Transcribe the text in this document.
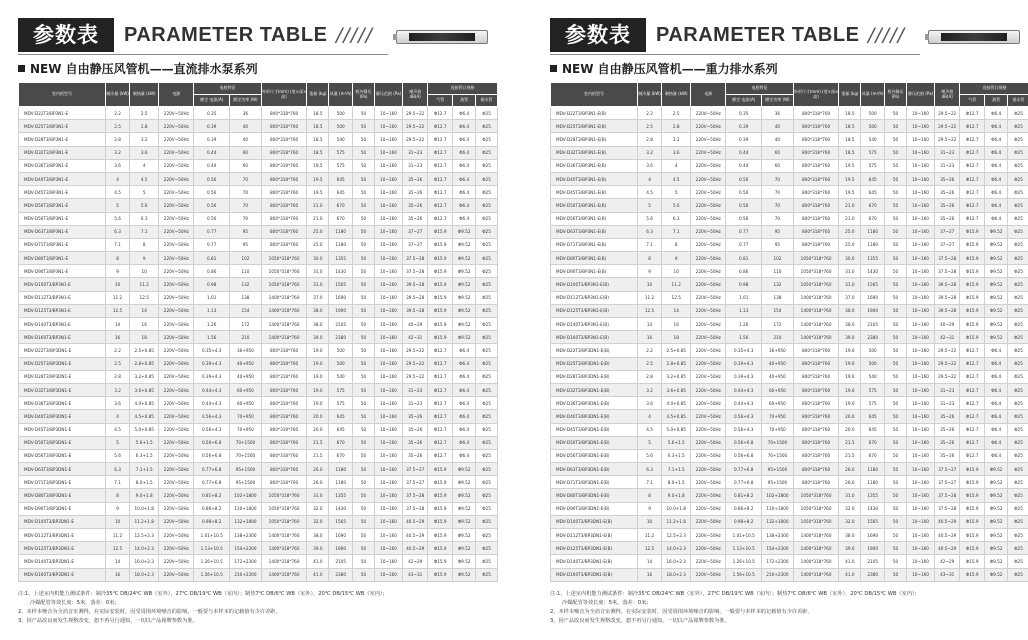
参数表	PARAMETER TABLE /////
NEW 自由静压风管机——直流排水泵系列
室内机型号	制冷量 (kW)	制热量 (kW)	电源	电机特征		外形尺寸(mm) (宽×深×高)	重量 (kg)	风量 (m³/h)	机外静压 (Pa)	静压范围 (Pa)	噪声值 dB(A)	连接管口规格		
				额定 电流(A)	额定功率 (W)							气管	液管	排水管
MDV-D22T3/BP3N1-E	2.2	2.5	220V~50Hz	0.35	36	800*318*760	18.5	500	50	10~160	29.5~22	Φ12.7	Φ6.4	Φ25
MDV-D25T3/BP3N1-E	2.5	2.8	220V~50Hz	0.39	40	800*318*760	18.5	500	50	10~160	29.5~22	Φ12.7	Φ6.4	Φ25
MDV-D28T3/BP3N1-E	2.8	3.2	220V~50Hz	0.39	40	800*318*760	18.5	540	50	10~160	29.5~22	Φ12.7	Φ6.4	Φ25
MDV-D32T3/BP3N1-E	3.2	3.6	220V~50Hz	0.44	60	800*318*760	18.5	575	50	10~160	31~23	Φ12.7	Φ6.4	Φ25
MDV-D36T3/BP3N1-E	3.6	4	220V~50Hz	0.44	60	800*318*760	19.5	575	50	10~160	31~23	Φ12.7	Φ6.4	Φ25
MDV-D40T3/BP3N1-E	4	4.5	220V~50Hz	0.56	70	800*318*760	19.5	645	50	10~160	35~26	Φ12.7	Φ6.4	Φ25
MDV-D45T3/BP3N1-E	4.5	5	220V~50Hz	0.56	70	800*318*760	19.5	645	50	10~160	35~26	Φ12.7	Φ6.4	Φ25
MDV-D50T3/BP3N1-E	5	5.6	220V~50Hz	0.56	70	800*318*760	21.0	670	50	10~160	35~26	Φ12.7	Φ6.4	Φ25
MDV-D56T3/BP3N1-E	5.6	6.3	220V~50Hz	0.56	70	800*318*760	21.0	670	50	10~160	35~26	Φ12.7	Φ6.4	Φ25
MDV-D63T3/BP3N1-E	6.3	7.1	220V~50Hz	0.77	95	800*318*760	25.0	1180	50	10~160	37~27	Φ15.9	Φ9.52	Φ25
MDV-D71T3/BP3N1-E	7.1	8	220V~50Hz	0.77	95	800*318*760	25.0	1180	50	10~160	37~27	Φ15.9	Φ9.52	Φ25
MDV-D80T3/BP3N1-E	8	9	220V~50Hz	0.81	102	1050*318*760	30.0	1355	50	10~160	37.5~28	Φ15.9	Φ9.52	Φ25
MDV-D90T3/BP3N1-E	9	10	220V~50Hz	0.86	110	1050*318*760	31.0	1430	50	10~160	37.5~28	Φ15.9	Φ9.52	Φ25
MDV-D100T3/BP3N1-E	10	11.2	220V~50Hz	0.98	132	1050*318*760	31.0	1565	50	10~160	39.5~28	Φ15.9	Φ9.52	Φ25
MDV-D112T3/BP3N1-E	11.2	12.5	220V~50Hz	1.01	138	1400*318*760	37.0	1690	50	10~160	39.5~28	Φ15.9	Φ9.52	Φ25
MDV-D125T3/BP3N1-E	12.5	14	220V~50Hz	1.13	154	1400*318*760	38.0	1900	50	10~160	39.5~28	Φ15.9	Φ9.52	Φ25
MDV-D140T3/BP3N1-E	14	16	220V~50Hz	1.26	172	1400*318*760	38.0	2105	50	10~160	40~29	Φ15.9	Φ9.52	Φ25
MDV-D160T3/BP3N1-E	16	18	220V~50Hz	1.56	210	1400*318*760	39.0	2380	50	10~160	42~31	Φ15.9	Φ9.52	Φ25
MDV-D22T3/BP3DN1-E	2.2	2.5+0.85	220V~50Hz	0.35+4.3	36+950	800*318*760	19.0	500	50	10~160	29.5~22	Φ12.7	Φ6.4	Φ25
MDV-D25T3/BP3DN1-E	2.5	2.8+0.85	220V~50Hz	0.39+4.3	40+950	800*318*760	19.0	500	50	10~160	29.5~22	Φ12.7	Φ6.4	Φ25
MDV-D28T3/BP3DN1-E	2.8	3.2+0.85	220V~50Hz	0.39+4.3	40+950	800*318*760	19.0	540	50	10~160	29.5~22	Φ12.7	Φ6.4	Φ25
MDV-D32T3/BP3DN1-E	3.2	3.6+0.85	220V~50Hz	0.44+4.3	60+950	800*318*760	19.0	575	50	10~160	31~23	Φ12.7	Φ6.4	Φ25
MDV-D36T3/BP3DN1-E	3.6	4.0+0.85	220V~50Hz	0.44+4.3	60+950	800*318*760	19.0	575	50	10~160	31~23	Φ12.7	Φ6.4	Φ25
MDV-D40T3/BP3DN1-E	4	4.5+0.85	220V~50Hz	0.56+4.3	70+950	800*318*760	20.0	645	50	10~160	35~26	Φ12.7	Φ6.4	Φ25
MDV-D45T3/BP3DN1-E	4.5	5.0+0.85	220V~50Hz	0.56+4.3	70+950	800*318*760	20.0	645	50	10~160	35~26	Φ12.7	Φ6.4	Φ25
MDV-D50T3/BP3DN1-E	5	5.6+1.5	220V~50Hz	0.56+6.8	70+1500	800*318*760	21.5	670	50	10~160	35~26	Φ12.7	Φ6.4	Φ25
MDV-D56T3/BP3DN1-E	5.6	6.3+1.5	220V~50Hz	0.56+6.8	70+1500	800*318*760	21.5	670	50	10~160	35~26	Φ12.7	Φ6.4	Φ25
MDV-D63T3/BP3DN1-E	6.3	7.1+1.5	220V~50Hz	0.77+6.8	95+1500	800*318*760	26.0	1180	50	10~160	37.5~27	Φ15.9	Φ9.52	Φ25
MDV-D71T3/BP3DN1-E	7.1	8.0+1.5	220V~50Hz	0.77+6.8	95+1500	800*318*760	26.0	1180	50	10~160	37.5~27	Φ15.9	Φ9.52	Φ25
MDV-D80T3/BP3DN1-E	8	9.0+1.8	220V~50Hz	0.81+8.2	102+1800	1050*318*760	31.0	1355	50	10~160	37.5~28	Φ15.9	Φ9.52	Φ25
MDV-D90T3/BP3DN1-E	9	10.0+1.8	220V~50Hz	0.86+8.2	110+1800	1050*318*760	32.0	1430	50	10~160	37.5~28	Φ15.9	Φ9.52	Φ25
MDV-D100T3/BP3DN1-E	10	11.2+1.8	220V~50Hz	0.98+8.2	132+1800	1050*318*760	32.0	1565	50	10~160	40.5~29	Φ15.9	Φ9.52	Φ25
MDV-D112T3/BP3DN1-E	11.2	12.5+2.3	220V~50Hz	1.01+10.5	138+2300	1400*318*760	38.0	1690	50	10~160	40.5~29	Φ15.9	Φ9.52	Φ25
MDV-D125T3/BP3DN1-E	12.5	14.0+2.3	220V~50Hz	1.13+10.5	154+2300	1400*318*760	39.0	1900	50	10~160	40.5~29	Φ15.9	Φ9.52	Φ25
MDV-D140T3/BP3DN1-E	14	16.0+2.3	220V~50Hz	1.26+10.5	172+2300	1400*318*760	41.0	2105	50	10~160	42~29	Φ15.9	Φ9.52	Φ25
MDV-D160T3/BP3DN1-E	16	18.0+2.3	220V~50Hz	1.56+10.5	210+2300	1400*318*760	41.0	2380	50	10~160	43~31	Φ15.9	Φ9.52	Φ25
注:1、上述室内机能力测试条件：制冷35℃ DB/24℃ WB（室外），27℃ DB/19℃ WB（室内）；制热7℃ DB/6℃ WB（室外），20℃ DB/15℃ WB（室内）；
冷媒配管等效长度：5米，落差：0米；
2、本样本噪音为全消音室测得，在实际安装时，因受周围环境噪音的影响，一般要与本样本的记载值有少许差距。
3、因产品改良而发生规格改变，恕不再另行通知，一切以产品铭牌参数为准。
参数表	PARAMETER TABLE /////
NEW 自由静压风管机——重力排水系列
室内机型号	制冷量 (kW)	制热量 (kW)	电源	电机特征		外形尺寸(mm) (宽×深×高)	重量 (kg)	风量 (m³/h)	机外静压 (Pa)	静压范围 (Pa)	噪声值 dB(A)	连接管口规格		
				额定 电流(A)	额定功率 (W)							气管	液管	排水管
MDV-D22T3/BP3N1-E(B)	2.2	2.5	220V~50Hz	0.35	36	800*318*760	18.5	500	50	10~160	29.5~22	Φ12.7	Φ6.4	Φ25
MDV-D25T3/BP3N1-E(B)	2.5	2.8	220V~50Hz	0.39	40	800*318*760	18.5	500	50	10~160	29.5~22	Φ12.7	Φ6.4	Φ25
MDV-D28T3/BP3N1-E(B)	2.8	3.2	220V~50Hz	0.39	40	800*318*760	18.5	540	50	10~160	29.5~22	Φ12.7	Φ6.4	Φ25
MDV-D32T3/BP3N1-E(B)	3.2	3.6	220V~50Hz	0.44	60	800*318*760	18.5	575	50	10~160	31~23	Φ12.7	Φ6.4	Φ25
MDV-D36T3/BP3N1-E(B)	3.6	4	220V~50Hz	0.44	60	800*318*760	19.5	575	50	10~160	31~23	Φ12.7	Φ6.4	Φ25
MDV-D40T3/BP3N1-E(B)	4	4.5	220V~50Hz	0.56	70	800*318*760	19.5	645	50	10~160	35~26	Φ12.7	Φ6.4	Φ25
MDV-D45T3/BP3N1-E(B)	4.5	5	220V~50Hz	0.56	70	800*318*760	19.5	645	50	10~160	35~26	Φ12.7	Φ6.4	Φ25
MDV-D50T3/BP3N1-E(B)	5	5.6	220V~50Hz	0.56	70	800*318*760	21.0	670	50	10~160	35~26	Φ12.7	Φ6.4	Φ25
MDV-D56T3/BP3N1-E(B)	5.6	6.3	220V~50Hz	0.56	70	800*318*760	21.0	670	50	10~160	35~26	Φ12.7	Φ6.4	Φ25
MDV-D63T3/BP3N1-E(B)	6.3	7.1	220V~50Hz	0.77	95	800*318*760	25.0	1180	50	10~160	37~27	Φ15.9	Φ9.52	Φ25
MDV-D71T3/BP3N1-E(B)	7.1	8	220V~50Hz	0.77	95	800*318*760	25.0	1180	50	10~160	37~27	Φ15.9	Φ9.52	Φ25
MDV-D80T3/BP3N1-E(B)	8	9	220V~50Hz	0.81	102	1050*318*760	30.0	1355	50	10~160	37.5~28	Φ15.9	Φ9.52	Φ25
MDV-D90T3/BP3N1-E(B)	9	10	220V~50Hz	0.86	110	1050*318*760	31.0	1430	50	10~160	37.5~28	Φ15.9	Φ9.52	Φ25
MDV-D100T3/BP3N1-E(B)	10	11.2	220V~50Hz	0.98	132	1050*318*760	31.0	1565	50	10~160	39.5~28	Φ15.9	Φ9.52	Φ25
MDV-D112T3/BP3N1-E(B)	11.2	12.5	220V~50Hz	1.01	138	1400*318*760	37.0	1690	50	10~160	39.5~28	Φ15.9	Φ9.52	Φ25
MDV-D125T3/BP3N1-E(B)	12.5	14	220V~50Hz	1.13	154	1400*318*760	38.0	1900	50	10~160	39.5~28	Φ15.9	Φ9.52	Φ25
MDV-D140T3/BP3N1-E(B)	14	16	220V~50Hz	1.26	172	1400*318*760	38.0	2105	50	10~160	40~29	Φ15.9	Φ9.52	Φ25
MDV-D160T3/BP3N1-E(B)	16	18	220V~50Hz	1.56	210	1400*318*760	39.0	2380	50	10~160	42~31	Φ15.9	Φ9.52	Φ25
MDV-D22T3/BP3DN1-E(B)	2.2	2.5+0.85	220V~50Hz	0.35+4.3	36+950	800*318*760	19.0	500	50	10~160	29.5~22	Φ12.7	Φ6.4	Φ25
MDV-D25T3/BP3DN1-E(B)	2.5	2.8+0.85	220V~50Hz	0.39+4.3	40+950	800*318*760	19.0	500	50	10~160	29.5~22	Φ12.7	Φ6.4	Φ25
MDV-D28T3/BP3DN1-E(B)	2.8	3.2+0.85	220V~50Hz	0.39+4.3	40+950	800*318*760	19.0	540	50	10~160	29.5~22	Φ12.7	Φ6.4	Φ25
MDV-D32T3/BP3DN1-E(B)	3.2	3.6+0.85	220V~50Hz	0.44+4.3	60+950	800*318*760	19.0	575	50	10~160	31~23	Φ12.7	Φ6.4	Φ25
MDV-D36T3/BP3DN1-E(B)	3.6	4.0+0.85	220V~50Hz	0.44+4.3	60+950	800*318*760	19.0	575	50	10~160	31~23	Φ12.7	Φ6.4	Φ25
MDV-D40T3/BP3DN1-E(B)	4	4.5+0.85	220V~50Hz	0.56+4.3	70+950	800*318*760	20.0	645	50	10~160	35~26	Φ12.7	Φ6.4	Φ25
MDV-D45T3/BP3DN1-E(B)	4.5	5.0+0.85	220V~50Hz	0.56+4.3	70+950	800*318*760	20.0	645	50	10~160	35~26	Φ12.7	Φ6.4	Φ25
MDV-D50T3/BP3DN1-E(B)	5	5.6+1.5	220V~50Hz	0.56+6.8	70+1500	800*318*760	21.5	670	50	10~160	35~26	Φ12.7	Φ6.4	Φ25
MDV-D56T3/BP3DN1-E(B)	5.6	6.3+1.5	220V~50Hz	0.56+6.8	70+1500	800*318*760	21.5	670	50	10~160	35~26	Φ12.7	Φ6.4	Φ25
MDV-D63T3/BP3DN1-E(B)	6.3	7.1+1.5	220V~50Hz	0.77+6.8	95+1500	800*318*760	26.0	1180	50	10~160	37.5~27	Φ15.9	Φ9.52	Φ25
MDV-D71T3/BP3DN1-E(B)	7.1	8.0+1.5	220V~50Hz	0.77+6.8	95+1500	800*318*760	26.0	1180	50	10~160	37.5~27	Φ15.9	Φ9.52	Φ25
MDV-D80T3/BP3DN1-E(B)	8	9.0+1.8	220V~50Hz	0.81+8.2	102+1800	1050*318*760	31.0	1355	50	10~160	37.5~28	Φ15.9	Φ9.52	Φ25
MDV-D90T3/BP3DN1-E(B)	9	10.0+1.8	220V~50Hz	0.86+8.2	110+1800	1050*318*760	32.0	1430	50	10~160	37.5~28	Φ15.9	Φ9.52	Φ25
MDV-D100T3/BP3DN1-E(B)	10	11.2+1.8	220V~50Hz	0.98+8.2	132+1800	1050*318*760	32.0	1565	50	10~160	40.5~29	Φ15.9	Φ9.52	Φ25
MDV-D112T3/BP3DN1-E(B)	11.2	12.5+2.3	220V~50Hz	1.01+10.5	138+2300	1400*318*760	38.0	1690	50	10~160	40.5~29	Φ15.9	Φ9.52	Φ25
MDV-D125T3/BP3DN1-E(B)	12.5	14.0+2.3	220V~50Hz	1.13+10.5	154+2300	1400*318*760	39.0	1900	50	10~160	40.5~29	Φ15.9	Φ9.52	Φ25
MDV-D140T3/BP3DN1-E(B)	14	16.0+2.3	220V~50Hz	1.26+10.5	172+2300	1400*318*760	41.0	2105	50	10~160	42~29	Φ15.9	Φ9.52	Φ25
MDV-D160T3/BP3DN1-E(B)	16	18.0+2.3	220V~50Hz	1.56+10.5	210+2300	1400*318*760	41.0	2380	50	10~160	43~31	Φ15.9	Φ9.52	Φ25
注:1、上述室内机能力测试条件：制冷35℃ DB/24℃ WB（室外），27℃ DB/19℃ WB（室内）；制热7℃ DB/6℃ WB（室外），20℃ DB/15℃ WB（室内）；
冷媒配管等效长度：5米，落差：0米；
2、本样本噪音为全消音室测得，在实际安装时，因受周围环境噪音的影响，一般要与本样本的记载值有少许差距。
3、因产品改良而发生规格改变，恕不再另行通知，一切以产品铭牌参数为准。
